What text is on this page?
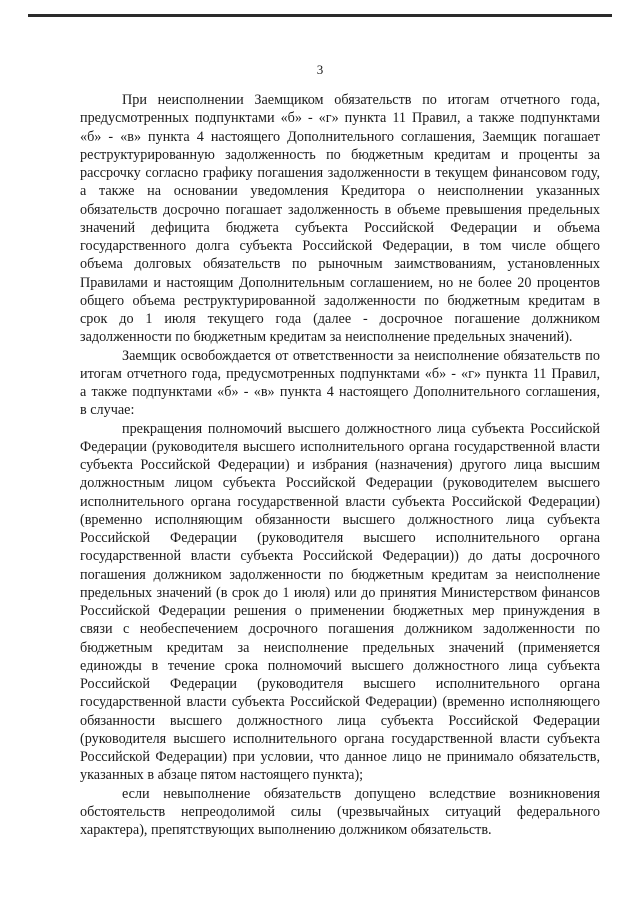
3
При неисполнении Заемщиком обязательств по итогам отчетного года,
предусмотренных подпунктами «б» - «г» пункта 11 Правил, а также подпунктами
«б» - «в» пункта 4 настоящего Дополнительного соглашения, Заемщик погашает
реструктурированную задолженность по бюджетным кредитам и проценты за
рассрочку согласно графику погашения задолженности в текущем финансовом году,
а также на основании уведомления Кредитора о неисполнении указанных
обязательств досрочно погашает задолженность в объеме превышения предельных
значений дефицита бюджета субъекта Российской Федерации и объема
государственного долга субъекта Российской Федерации, в том числе общего
объема долговых обязательств по рыночным заимствованиям, установленных
Правилами и настоящим Дополнительным соглашением, но не более 20 процентов
общего объема реструктурированной задолженности по бюджетным кредитам в
срок до 1 июля текущего года (далее - досрочное погашение должником
задолженности по бюджетным кредитам за неисполнение предельных значений).
Заемщик освобождается от ответственности за неисполнение обязательств по
итогам отчетного года, предусмотренных подпунктами «б» - «г» пункта 11 Правил,
а также подпунктами «б» - «в» пункта 4 настоящего Дополнительного соглашения,
в случае:
прекращения полномочий высшего должностного лица субъекта Российской
Федерации (руководителя высшего исполнительного органа государственной власти
субъекта Российской Федерации) и избрания (назначения) другого лица высшим
должностным лицом субъекта Российской Федерации (руководителем высшего
исполнительного органа государственной власти субъекта Российской Федерации)
(временно исполняющим обязанности высшего должностного лица субъекта
Российской Федерации (руководителя высшего исполнительного органа
государственной власти субъекта Российской Федерации)) до даты досрочного
погашения должником задолженности по бюджетным кредитам за неисполнение
предельных значений (в срок до 1 июля) или до принятия Министерством финансов
Российской Федерации решения о применении бюджетных мер принуждения в
связи с необеспечением досрочного погашения должником задолженности по
бюджетным кредитам за неисполнение предельных значений (применяется
единожды в течение срока полномочий высшего должностного лица субъекта
Российской Федерации (руководителя высшего исполнительного органа
государственной власти субъекта Российской Федерации) (временно исполняющего
обязанности высшего должностного лица субъекта Российской Федерации
(руководителя высшего исполнительного органа государственной власти субъекта
Российской Федерации) при условии, что данное лицо не принимало обязательств,
указанных в абзаце пятом настоящего пункта);
если невыполнение обязательств допущено вследствие возникновения
обстоятельств непреодолимой силы (чрезвычайных ситуаций федерального
характера), препятствующих выполнению должником обязательств.
